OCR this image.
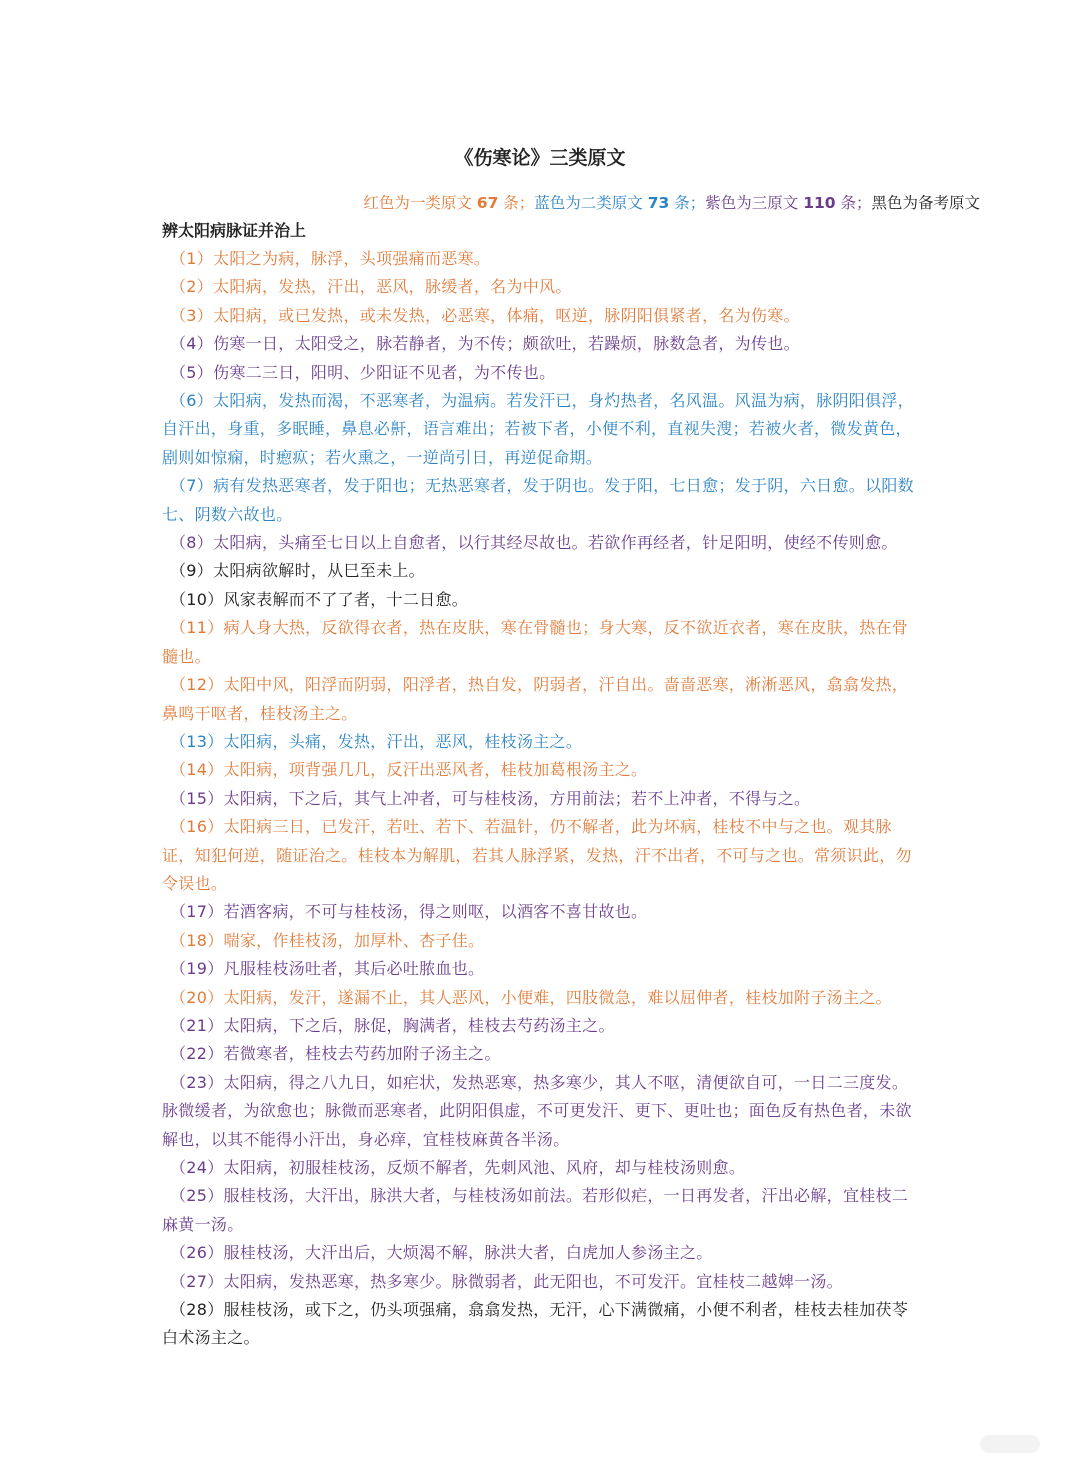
《伤寒论》三类原文
红色为一类原文 67 条；蓝色为二类原文 73 条；紫色为三原文 110 条；黑色为备考原文
辨太阳病脉证并治上
（1）太阳之为病，脉浮，头项强痛而恶寒。
（2）太阳病，发热，汗出，恶风，脉缓者，名为中风。
（3）太阳病，或已发热，或未发热，必恶寒，体痛，呕逆，脉阴阳俱紧者，名为伤寒。
（4）伤寒一日，太阳受之，脉若静者，为不传；颇欲吐，若躁烦，脉数急者，为传也。
（5）伤寒二三日，阳明、少阳证不见者，为不传也。
（6）太阳病，发热而渴，不恶寒者，为温病。若发汗已，身灼热者，名风温。风温为病，脉阴阳俱浮，自汗出，身重，多眠睡，鼻息必鼾，语言难出；若被下者，小便不利，直视失溲；若被火者，微发黄色，剧则如惊痫，时瘛疭；若火熏之，一逆尚引日，再逆促命期。
（7）病有发热恶寒者，发于阳也；无热恶寒者，发于阴也。发于阳，七日愈；发于阴，六日愈。以阳数七、阴数六故也。
（8）太阳病，头痛至七日以上自愈者，以行其经尽故也。若欲作再经者，针足阳明，使经不传则愈。
（9）太阳病欲解时，从巳至未上。
（10）风家表解而不了了者，十二日愈。
（11）病人身大热，反欲得衣者，热在皮肤，寒在骨髓也；身大寒，反不欲近衣者，寒在皮肤，热在骨髓也。
（12）太阳中风，阳浮而阴弱，阳浮者，热自发，阴弱者，汗自出。啬啬恶寒，淅淅恶风，翕翕发热，鼻鸣干呕者，桂枝汤主之。
（13）太阳病，头痛，发热，汗出，恶风，桂枝汤主之。
（14）太阳病，项背强几几，反汗出恶风者，桂枝加葛根汤主之。
（15）太阳病，下之后，其气上冲者，可与桂枝汤，方用前法；若不上冲者，不得与之。
（16）太阳病三日，已发汗，若吐、若下、若温针，仍不解者，此为坏病，桂枝不中与之也。观其脉证，知犯何逆，随证治之。桂枝本为解肌，若其人脉浮紧，发热，汗不出者，不可与之也。常须识此，勿令误也。
（17）若酒客病，不可与桂枝汤，得之则呕，以酒客不喜甘故也。
（18）喘家，作桂枝汤，加厚朴、杏子佳。
（19）凡服桂枝汤吐者，其后必吐脓血也。
（20）太阳病，发汗，遂漏不止，其人恶风，小便难，四肢微急，难以屈伸者，桂枝加附子汤主之。
（21）太阳病，下之后，脉促，胸满者，桂枝去芍药汤主之。
（22）若微寒者，桂枝去芍药加附子汤主之。
（23）太阳病，得之八九日，如疟状，发热恶寒，热多寒少，其人不呕，清便欲自可，一日二三度发。脉微缓者，为欲愈也；脉微而恶寒者，此阴阳俱虚，不可更发汗、更下、更吐也；面色反有热色者，未欲解也，以其不能得小汗出，身必痒，宜桂枝麻黄各半汤。
（24）太阳病，初服桂枝汤，反烦不解者，先刺风池、风府，却与桂枝汤则愈。
（25）服桂枝汤，大汗出，脉洪大者，与桂枝汤如前法。若形似疟，一日再发者，汗出必解，宜桂枝二麻黄一汤。
（26）服桂枝汤，大汗出后，大烦渴不解，脉洪大者，白虎加人参汤主之。
（27）太阳病，发热恶寒，热多寒少。脉微弱者，此无阳也，不可发汗。宜桂枝二越婢一汤。
（28）服桂枝汤，或下之，仍头项强痛，翕翕发热，无汗，心下满微痛，小便不利者，桂枝去桂加茯苓白术汤主之。
